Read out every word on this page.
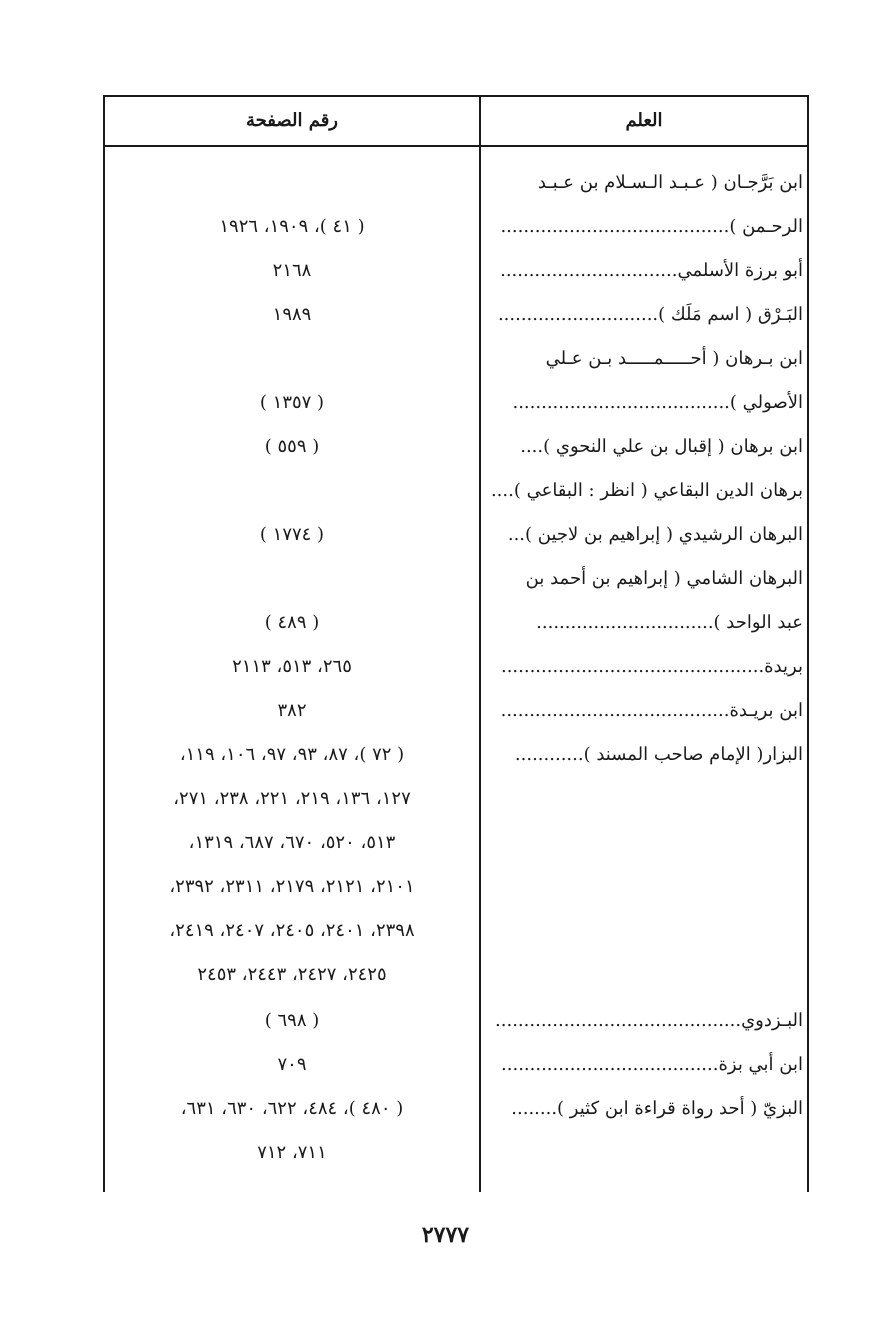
العلم
رقم الصفحة
ابن بَرَّجـان ( عـبـد الـسـلام بن عـبـد
الرحـمن )........................................
( ٤١ )، ١٩٠٩، ١٩٢٦
أبو برزة الأسلمي...............................
٢١٦٨
البَـرْق ( اسم مَلَك )............................
١٩٨٩
ابن بـرهان ( أحـــــمـــــد بـن عـلي
الأصولي )......................................
( ١٣٥٧ )
ابن برهان ( إقبال بن علي النحوي )....
( ٥٥٩ )
برهان الدين البقاعي ( انظر : البقاعي )....
البرهان الرشيدي ( إبراهيم بن لاجين )...
( ١٧٧٤ )
البرهان الشامي ( إبراهيم بن أحمد بن
عبد الواحد )...............................
( ٤٨٩ )
بريدة..............................................
٢٦٥، ٥١٣، ٢١١٣
ابن بريـدة........................................
٣٨٢
البزار( الإمام صاحب المسند )............
( ٧٢ )، ٨٧، ٩٣، ٩٧، ١٠٦، ١١٩،
١٢٧، ١٣٦، ٢١٩، ٢٢١، ٢٣٨، ٢٧١،
٥١٣، ٥٢٠، ٦٧٠، ٦٨٧، ١٣١٩،
٢١٠١، ٢١٢١، ٢١٧٩، ٢٣١١، ٢٣٩٢،
٢٣٩٨، ٢٤٠١، ٢٤٠٥، ٢٤٠٧، ٢٤١٩،
٢٤٢٥، ٢٤٢٧، ٢٤٤٣، ٢٤٥٣
البـزدوي...........................................
( ٦٩٨ )
ابن أبي بزة......................................
٧٠٩
البزيّ ( أحد رواة قراءة ابن كثير )........
( ٤٨٠ )، ٤٨٤، ٦٢٢، ٦٣٠، ٦٣١،
٧١١، ٧١٢
٢٧٧٧
